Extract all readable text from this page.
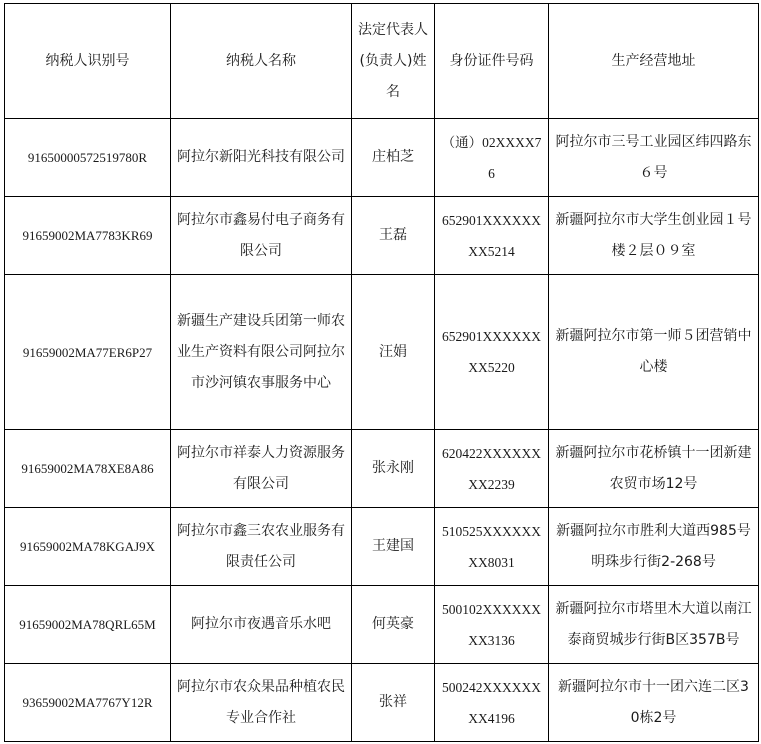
纳税人识别号	纳税人名称	法定代表人(负责人)姓名	身份证件号码	生产经营地址
91650000572519780R	阿拉尔新阳光科技有限公司	庄柏芝	（通）02XXXX76	阿拉尔市三号工业园区纬四路东６号
91659002MA7783KR69	阿拉尔市鑫易付电子商务有限公司	王磊	652901XXXXXXXX5214	新疆阿拉尔市大学生创业园１号楼２层０９室
91659002MA77ER6P27	新疆生产建设兵团第一师农业生产资料有限公司阿拉尔市沙河镇农事服务中心	汪娟	652901XXXXXXXX5220	新疆阿拉尔市第一师５团营销中心楼
91659002MA78XE8A86	阿拉尔市祥泰人力资源服务有限公司	张永刚	620422XXXXXXXX2239	新疆阿拉尔市花桥镇十一团新建农贸市场12号
91659002MA78KGAJ9X	阿拉尔市鑫三农农业服务有限责任公司	王建国	510525XXXXXXXX8031	新疆阿拉尔市胜利大道西985号明珠步行街2-268号
91659002MA78QRL65M	阿拉尔市夜遇音乐水吧	何英豪	500102XXXXXXXX3136	新疆阿拉尔市塔里木大道以南江泰商贸城步行街B区357B号
93659002MA7767Y12R	阿拉尔市农众果品种植农民专业合作社	张祥	500242XXXXXXXX4196	新疆阿拉尔市十一团六连二区30栋2号
